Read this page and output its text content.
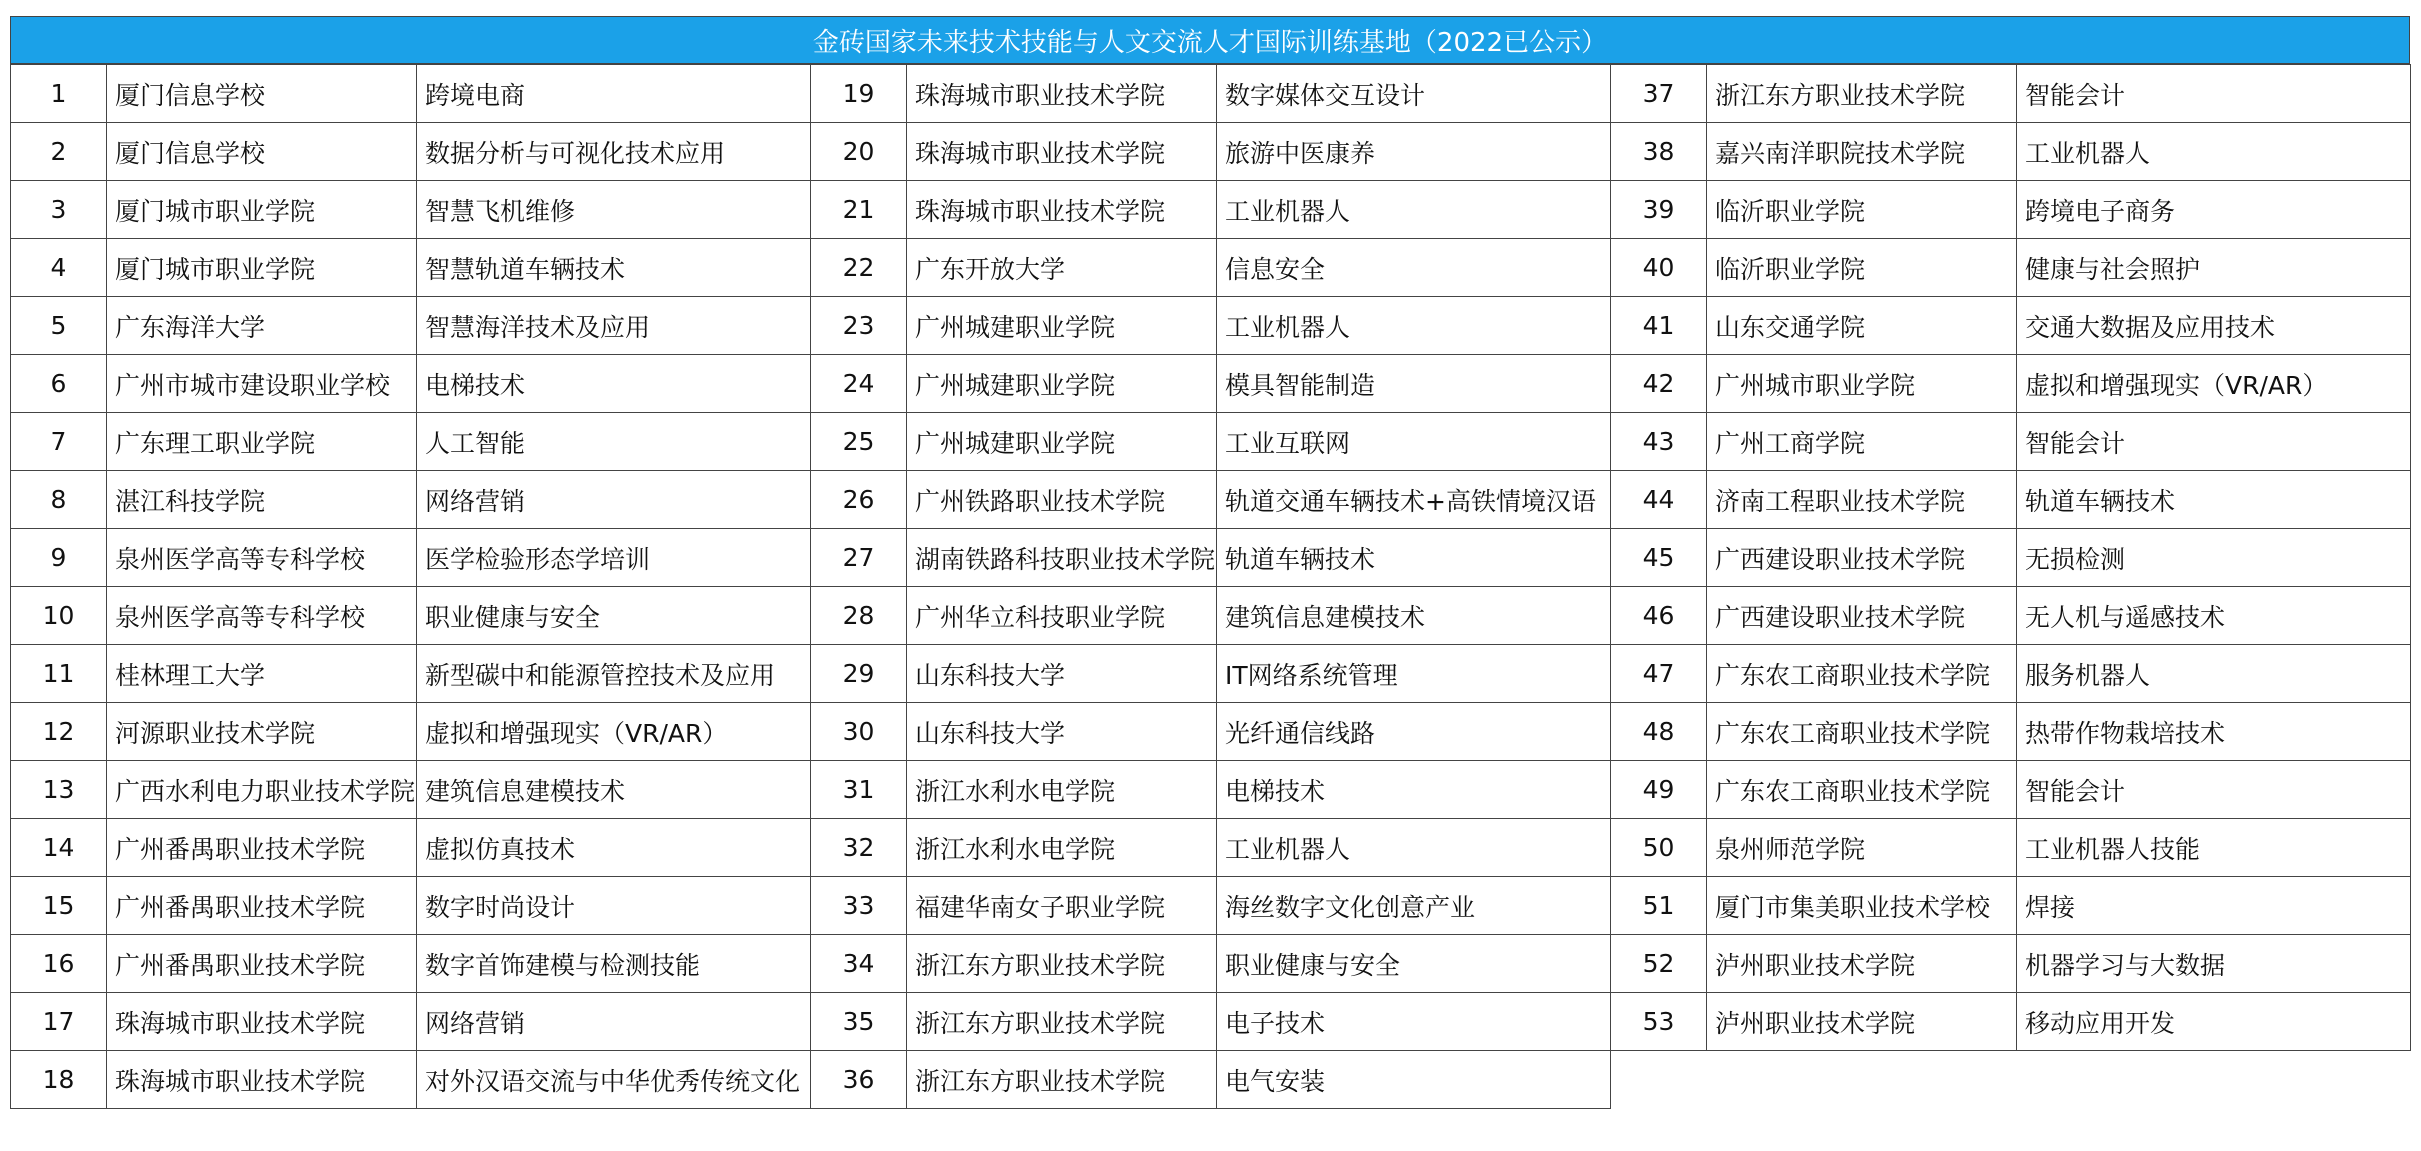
金砖国家未来技术技能与人文交流人才国际训练基地（2022已公示）
1	厦门信息学校	跨境电商
2	厦门信息学校	数据分析与可视化技术应用
3	厦门城市职业学院	智慧飞机维修
4	厦门城市职业学院	智慧轨道车辆技术
5	广东海洋大学	智慧海洋技术及应用
6	广州市城市建设职业学校	电梯技术
7	广东理工职业学院	人工智能
8	湛江科技学院	网络营销
9	泉州医学高等专科学校	医学检验形态学培训
10	泉州医学高等专科学校	职业健康与安全
11	桂林理工大学	新型碳中和能源管控技术及应用
12	河源职业技术学院	虚拟和增强现实（VR/AR）
13	广西水利电力职业技术学院	建筑信息建模技术
14	广州番禺职业技术学院	虚拟仿真技术
15	广州番禺职业技术学院	数字时尚设计
16	广州番禺职业技术学院	数字首饰建模与检测技能
17	珠海城市职业技术学院	网络营销
18	珠海城市职业技术学院	对外汉语交流与中华优秀传统文化
19	珠海城市职业技术学院	数字媒体交互设计
20	珠海城市职业技术学院	旅游中医康养
21	珠海城市职业技术学院	工业机器人
22	广东开放大学	信息安全
23	广州城建职业学院	工业机器人
24	广州城建职业学院	模具智能制造
25	广州城建职业学院	工业互联网
26	广州铁路职业技术学院	轨道交通车辆技术+高铁情境汉语
27	湖南铁路科技职业技术学院	轨道车辆技术
28	广州华立科技职业学院	建筑信息建模技术
29	山东科技大学	IT网络系统管理
30	山东科技大学	光纤通信线路
31	浙江水利水电学院	电梯技术
32	浙江水利水电学院	工业机器人
33	福建华南女子职业学院	海丝数字文化创意产业
34	浙江东方职业技术学院	职业健康与安全
35	浙江东方职业技术学院	电子技术
36	浙江东方职业技术学院	电气安装
37	浙江东方职业技术学院	智能会计
38	嘉兴南洋职院技术学院	工业机器人
39	临沂职业学院	跨境电子商务
40	临沂职业学院	健康与社会照护
41	山东交通学院	交通大数据及应用技术
42	广州城市职业学院	虚拟和增强现实（VR/AR）
43	广州工商学院	智能会计
44	济南工程职业技术学院	轨道车辆技术
45	广西建设职业技术学院	无损检测
46	广西建设职业技术学院	无人机与遥感技术
47	广东农工商职业技术学院	服务机器人
48	广东农工商职业技术学院	热带作物栽培技术
49	广东农工商职业技术学院	智能会计
50	泉州师范学院	工业机器人技能
51	厦门市集美职业技术学校	焊接
52	泸州职业技术学院	机器学习与大数据
53	泸州职业技术学院	移动应用开发
